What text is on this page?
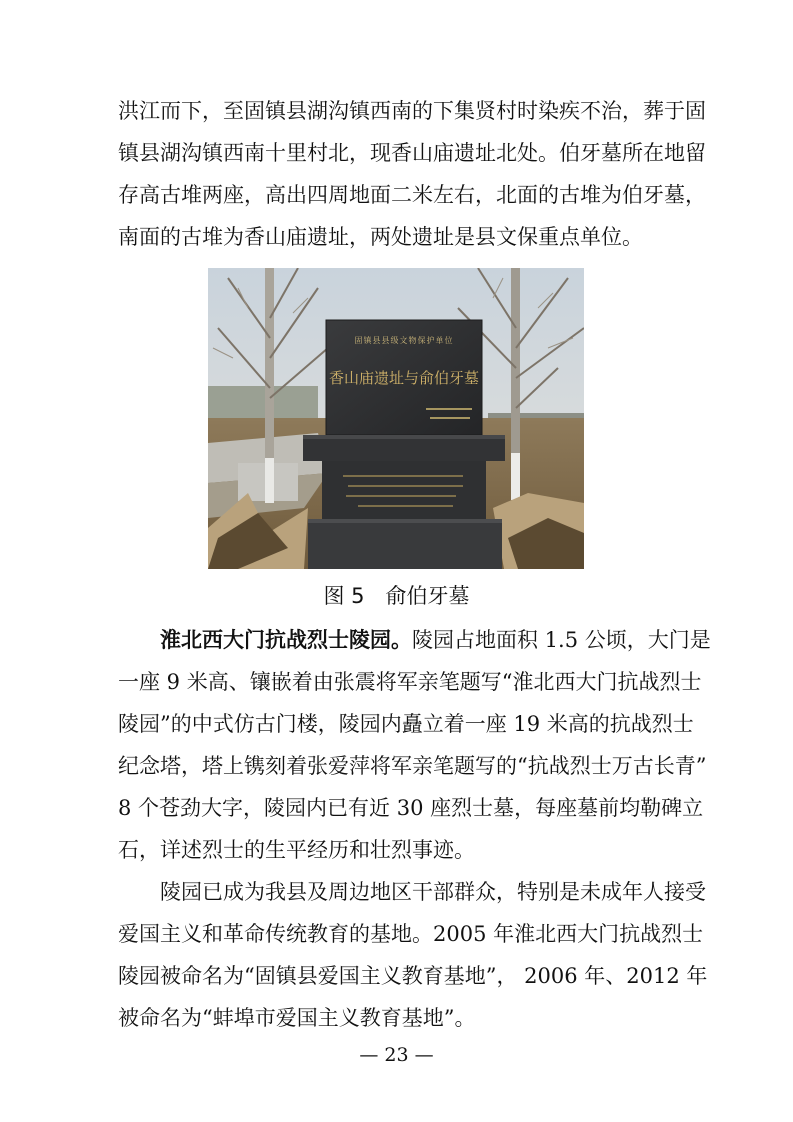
洪江而下，至固镇县湖沟镇西南的下集贤村时染疾不治，葬于固
镇县湖沟镇西南十里村北，现香山庙遗址北处。伯牙墓所在地留
存高古堆两座，高出四周地面二米左右，北面的古堆为伯牙墓，
南面的古堆为香山庙遗址，两处遗址是县文保重点单位。
固镇县县级文物保护单位
香山庙遗址与俞伯牙墓
图 5　俞伯牙墓
淮北西大门抗战烈士陵园。陵园占地面积 1.5 公顷，大门是
一座 9 米高、镶嵌着由张震将军亲笔题写“淮北西大门抗战烈士
陵园”的中式仿古门楼，陵园内矗立着一座 19 米高的抗战烈士
纪念塔，塔上镌刻着张爱萍将军亲笔题写的“抗战烈士万古长青”
8 个苍劲大字，陵园内已有近 30 座烈士墓，每座墓前均勒碑立
石，详述烈士的生平经历和壮烈事迹。
陵园已成为我县及周边地区干部群众，特别是未成年人接受
爱国主义和革命传统教育的基地。2005 年淮北西大门抗战烈士
陵园被命名为“固镇县爱国主义教育基地”， 2006 年、2012 年
被命名为“蚌埠市爱国主义教育基地”。
— 23 —
